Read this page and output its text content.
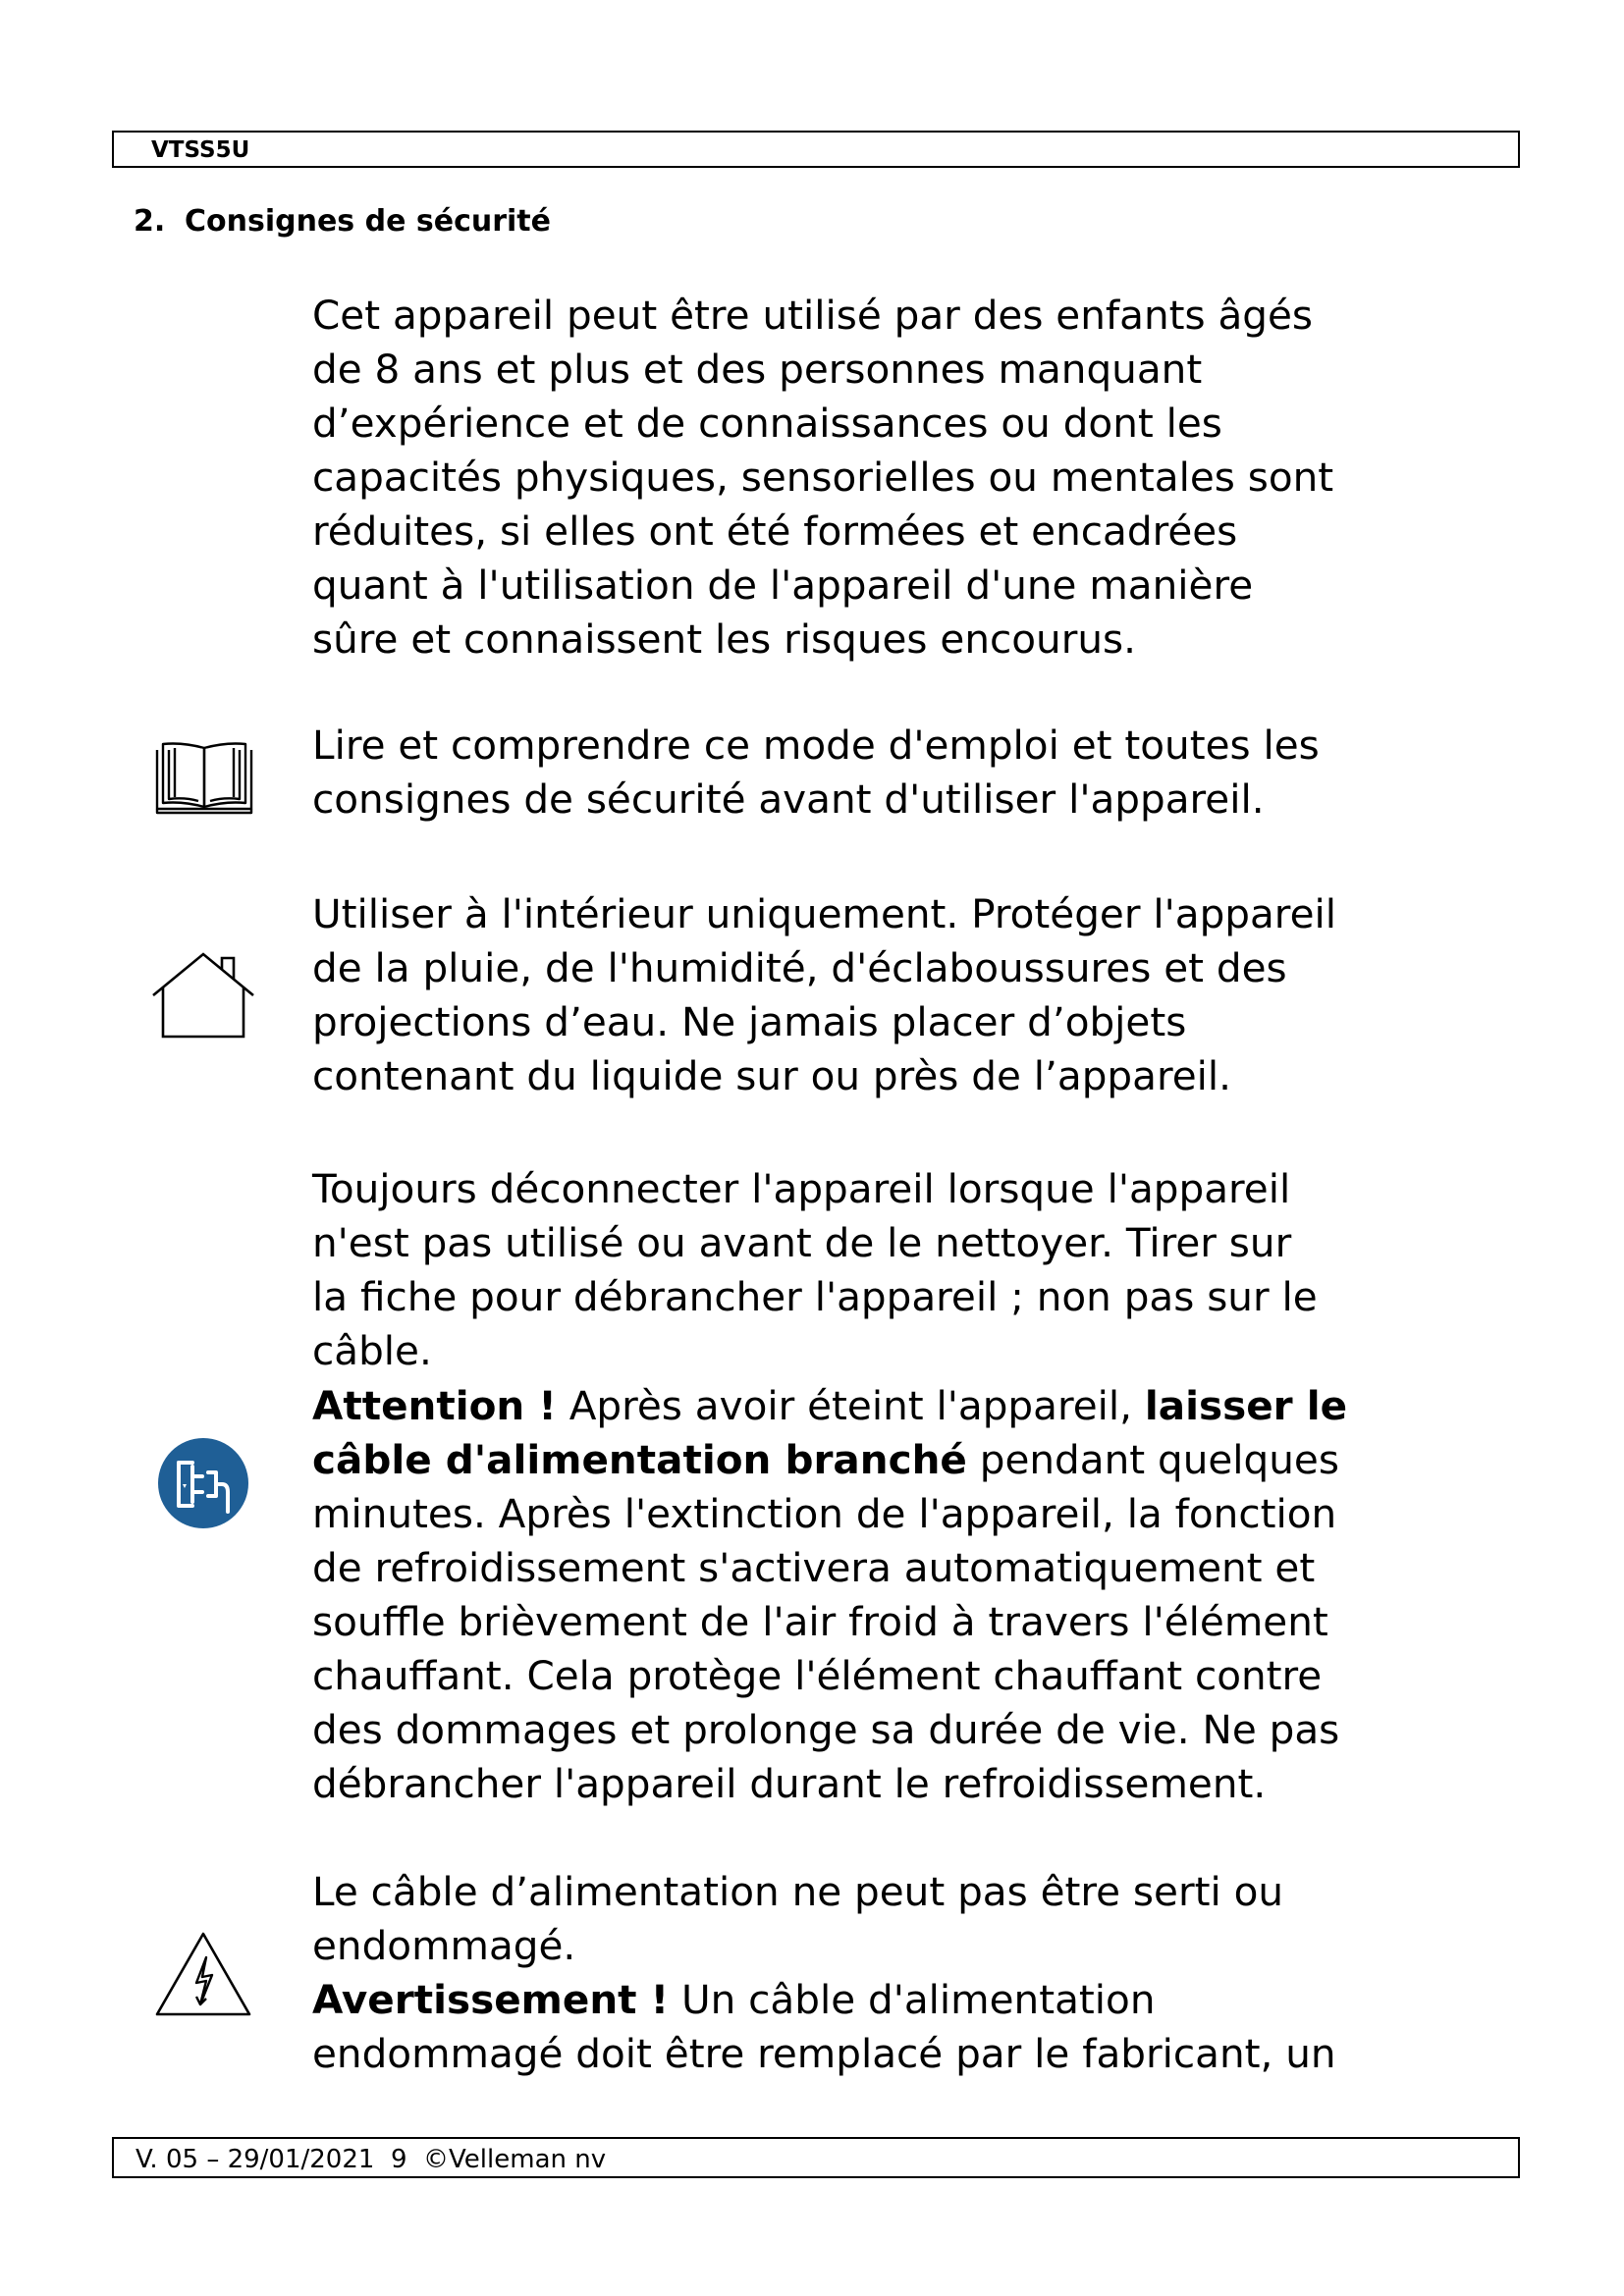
VTSS5U
2. Consignes de sécurité

Cet appareil peut être utilisé par des enfants âgés
de 8 ans et plus et des personnes manquant
d’expérience et de connaissances ou dont les
capacités physiques, sensorielles ou mentales sont
réduites, si elles ont été formées et encadrées
quant à l'utilisation de l'appareil d'une manière
sûre et connaissent les risques encourus.

Lire et comprendre ce mode d'emploi et toutes les
consignes de sécurité avant d'utiliser l'appareil.

Utiliser à l'intérieur uniquement. Protéger l'appareil
de la pluie, de l'humidité, d'éclaboussures et des
projections d’eau. Ne jamais placer d’objets
contenant du liquide sur ou près de l’appareil.

Toujours déconnecter l'appareil lorsque l'appareil
n'est pas utilisé ou avant de le nettoyer. Tirer sur
la fiche pour débrancher l'appareil ; non pas sur le
câble.

Attention ! Après avoir éteint l'appareil, laisser le
câble d'alimentation branché pendant quelques
minutes. Après l'extinction de l'appareil, la fonction
de refroidissement s'activera automatiquement et
souffle brièvement de l'air froid à travers l'élément
chauffant. Cela protège l'élément chauffant contre
des dommages et prolonge sa durée de vie. Ne pas
débrancher l'appareil durant le refroidissement.

Le câble d’alimentation ne peut pas être serti ou
endommagé.

Avertissement ! Un câble d'alimentation
endommagé doit être remplacé par le fabricant, un

V. 05 – 29/01/2021  9  ©Velleman nv
